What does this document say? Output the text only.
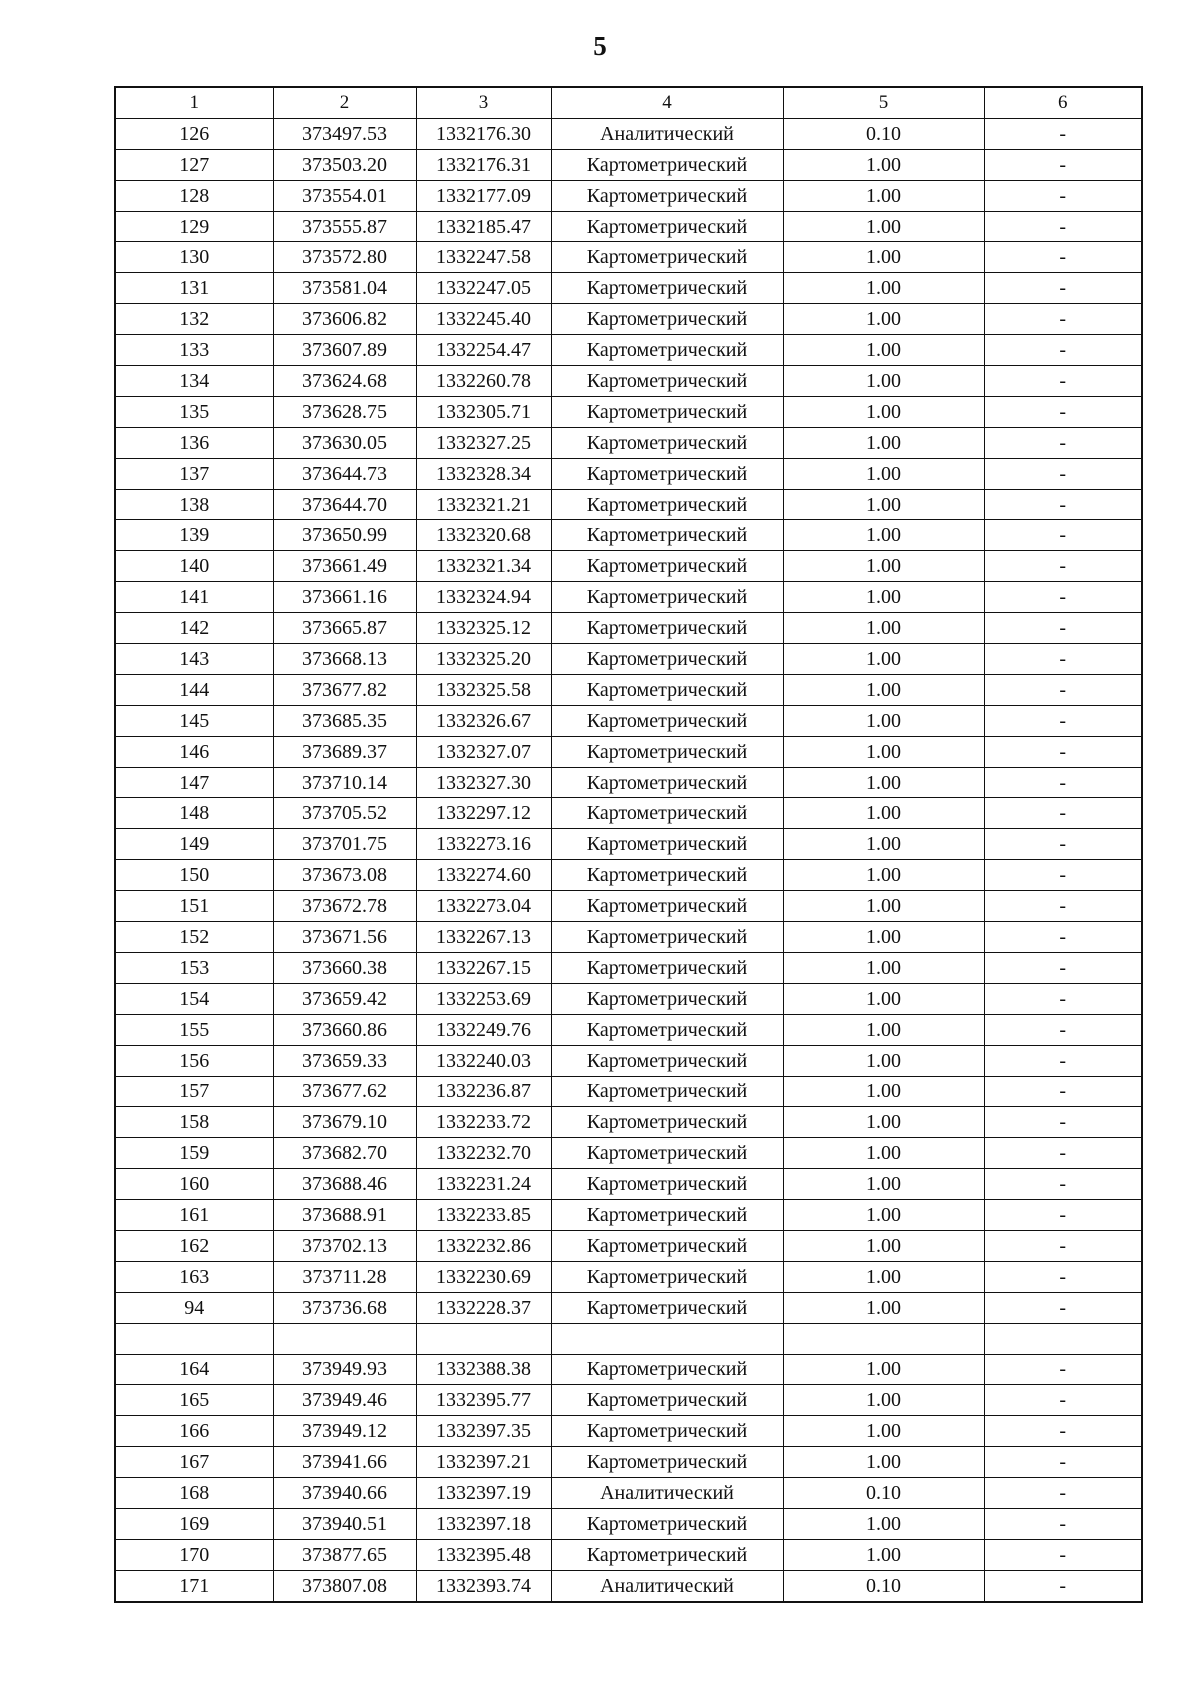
5
1	2	3	4	5	6
126	373497.53	1332176.30	Аналитический	0.10	-
127	373503.20	1332176.31	Картометрический	1.00	-
128	373554.01	1332177.09	Картометрический	1.00	-
129	373555.87	1332185.47	Картометрический	1.00	-
130	373572.80	1332247.58	Картометрический	1.00	-
131	373581.04	1332247.05	Картометрический	1.00	-
132	373606.82	1332245.40	Картометрический	1.00	-
133	373607.89	1332254.47	Картометрический	1.00	-
134	373624.68	1332260.78	Картометрический	1.00	-
135	373628.75	1332305.71	Картометрический	1.00	-
136	373630.05	1332327.25	Картометрический	1.00	-
137	373644.73	1332328.34	Картометрический	1.00	-
138	373644.70	1332321.21	Картометрический	1.00	-
139	373650.99	1332320.68	Картометрический	1.00	-
140	373661.49	1332321.34	Картометрический	1.00	-
141	373661.16	1332324.94	Картометрический	1.00	-
142	373665.87	1332325.12	Картометрический	1.00	-
143	373668.13	1332325.20	Картометрический	1.00	-
144	373677.82	1332325.58	Картометрический	1.00	-
145	373685.35	1332326.67	Картометрический	1.00	-
146	373689.37	1332327.07	Картометрический	1.00	-
147	373710.14	1332327.30	Картометрический	1.00	-
148	373705.52	1332297.12	Картометрический	1.00	-
149	373701.75	1332273.16	Картометрический	1.00	-
150	373673.08	1332274.60	Картометрический	1.00	-
151	373672.78	1332273.04	Картометрический	1.00	-
152	373671.56	1332267.13	Картометрический	1.00	-
153	373660.38	1332267.15	Картометрический	1.00	-
154	373659.42	1332253.69	Картометрический	1.00	-
155	373660.86	1332249.76	Картометрический	1.00	-
156	373659.33	1332240.03	Картометрический	1.00	-
157	373677.62	1332236.87	Картометрический	1.00	-
158	373679.10	1332233.72	Картометрический	1.00	-
159	373682.70	1332232.70	Картометрический	1.00	-
160	373688.46	1332231.24	Картометрический	1.00	-
161	373688.91	1332233.85	Картометрический	1.00	-
162	373702.13	1332232.86	Картометрический	1.00	-
163	373711.28	1332230.69	Картометрический	1.00	-
94	373736.68	1332228.37	Картометрический	1.00	-

164	373949.93	1332388.38	Картометрический	1.00	-
165	373949.46	1332395.77	Картометрический	1.00	-
166	373949.12	1332397.35	Картометрический	1.00	-
167	373941.66	1332397.21	Картометрический	1.00	-
168	373940.66	1332397.19	Аналитический	0.10	-
169	373940.51	1332397.18	Картометрический	1.00	-
170	373877.65	1332395.48	Картометрический	1.00	-
171	373807.08	1332393.74	Аналитический	0.10	-
